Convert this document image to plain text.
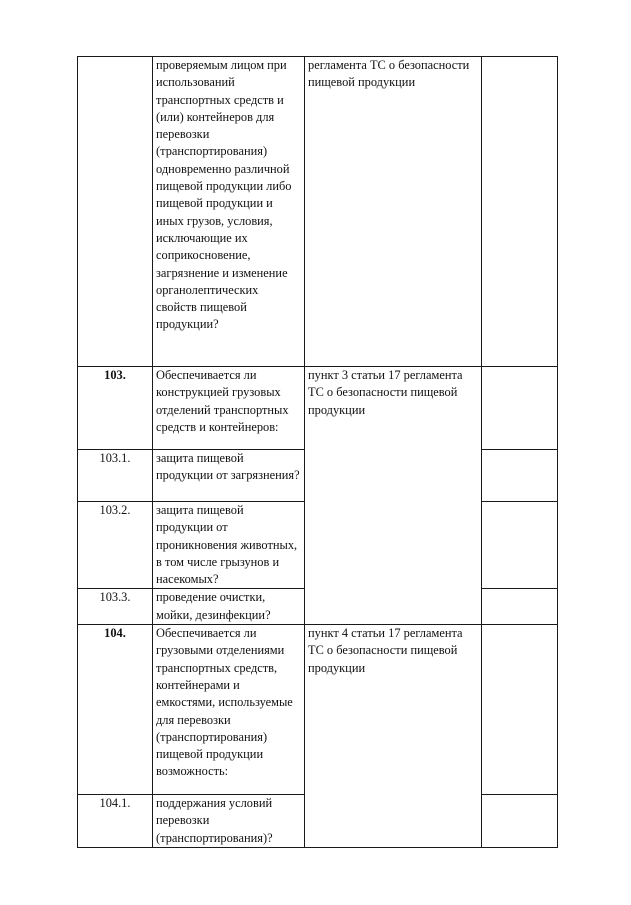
	проверяемым лицом при использований транспортных средств и (или) контейнеров для перевозки (транспортирования) одновременно различной пищевой продукции либо пищевой продукции и иных грузов, условия, исключающие их соприкосновение, загрязнение и изменение органолептических свойств пищевой продукции?	регламента ТС о безопасности пищевой продукции	
103.	Обеспечивается ли конструкцией грузовых отделений транспортных средств и контейнеров:	пункт 3 статьи 17 регламента ТС о безопасности пищевой продукции	
103.1.	защита пищевой продукции от загрязнения?		
103.2.	защита пищевой продукции от проникновения животных, в том числе грызунов и насекомых?		
103.3.	проведение очистки, мойки, дезинфекции?		
104.	Обеспечивается ли грузовыми отделениями транспортных средств, контейнерами и емкостями, используемые для перевозки (транспортирования) пищевой продукции возможность:	пункт 4 статьи 17 регламента ТС о безопасности пищевой продукции	
104.1.	поддержания условий перевозки (транспортирования)?		
